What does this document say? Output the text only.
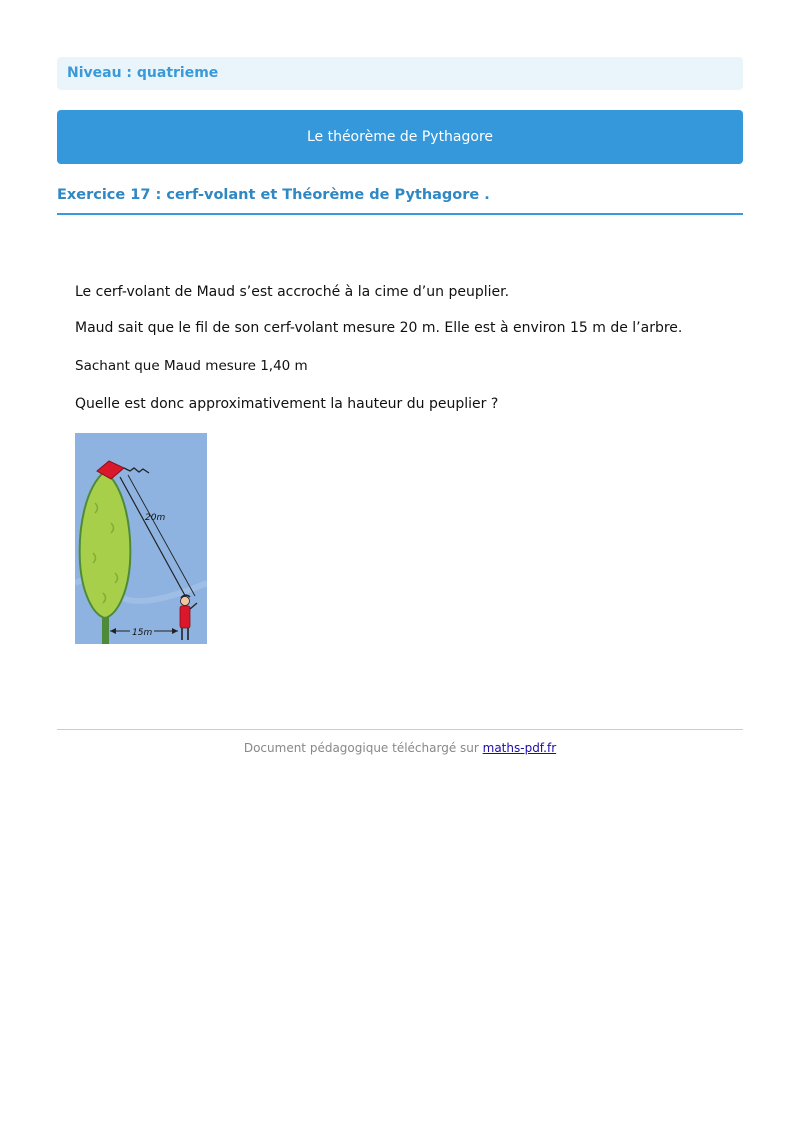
Niveau : quatrieme
Le théorème de Pythagore
Exercice 17 : cerf-volant et Théorème de Pythagore .
Le cerf-volant de Maud s’est accroché à la cime d’un peuplier.
Maud sait que le fil de son cerf-volant mesure 20 m. Elle est à environ 15 m de l’arbre.
Sachant que Maud mesure 1,40 m
Quelle est donc approximativement la hauteur du peuplier ?
20m
15m
Document pédagogique téléchargé sur maths-pdf.fr
